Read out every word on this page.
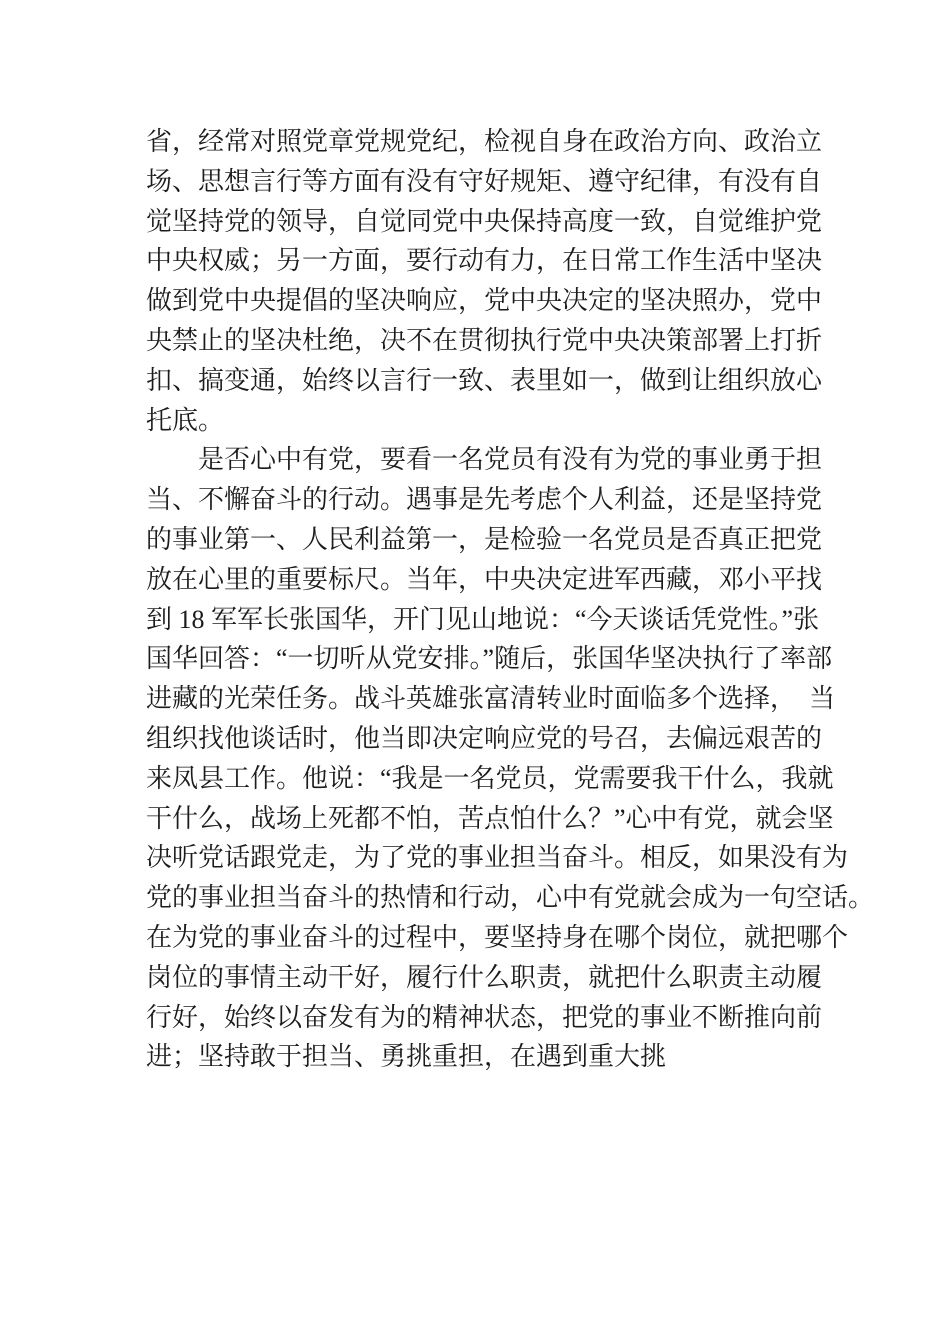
省，经常对照党章党规党纪，检视自身在政治方向、政治立
场、思想言行等方面有没有守好规矩、遵守纪律，有没有自
觉坚持党的领导，自觉同党中央保持高度一致，自觉维护党
中央权威；另一方面，要行动有力，在日常工作生活中坚决
做到党中央提倡的坚决响应，党中央决定的坚决照办，党中
央禁止的坚决杜绝，决不在贯彻执行党中央决策部署上打折
扣、搞变通，始终以言行一致、表里如一，做到让组织放心
托底。
是否心中有党，要看一名党员有没有为党的事业勇于担
当、不懈奋斗的行动。遇事是先考虑个人利益，还是坚持党
的事业第一、人民利益第一，是检验一名党员是否真正把党
放在心里的重要标尺。当年，中央决定进军西藏，邓小平找
到 18 军军长张国华，开门见山地说：“今天谈话凭党性。”张
国华回答：“一切听从党安排。”随后，张国华坚决执行了率部
进藏的光荣任务。战斗英雄张富清转业时面临多个选择，　当
组织找他谈话时，他当即决定响应党的号召，去偏远艰苦的
来凤县工作。他说：“我是一名党员，党需要我干什么，我就
干什么，战场上死都不怕，苦点怕什么？”心中有党，就会坚
决听党话跟党走，为了党的事业担当奋斗。相反，如果没有为
党的事业担当奋斗的热情和行动，心中有党就会成为一句空话。
在为党的事业奋斗的过程中，要坚持身在哪个岗位，就把哪个
岗位的事情主动干好，履行什么职责，就把什么职责主动履
行好，始终以奋发有为的精神状态，把党的事业不断推向前
进；坚持敢于担当、勇挑重担，在遇到重大挑
